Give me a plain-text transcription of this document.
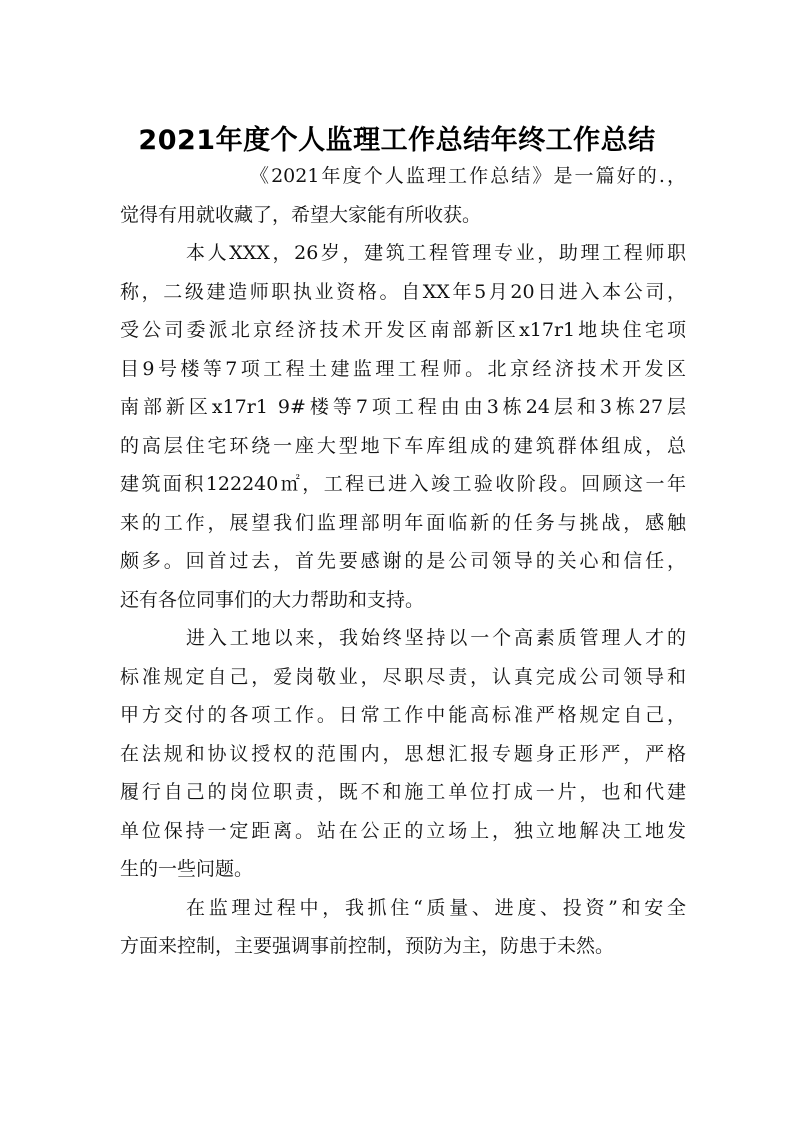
2021年度个人监理工作总结年终工作总结
《2021年度个人监理工作总结》是一篇好的.，
觉得有用就收藏了，希望大家能有所收获。
本人XXX，26岁，建筑工程管理专业，助理工程师职
称，二级建造师职执业资格。自XX年5月20日进入本公司，
受公司委派北京经济技术开发区南部新区x17r1地块住宅项
目9号楼等7项工程土建监理工程师。北京经济技术开发区
南部新区x17r1 9#楼等7项工程由由3栋24层和3栋27层
的高层住宅环绕一座大型地下车库组成的建筑群体组成，总
建筑面积122240㎡，工程已进入竣工验收阶段。回顾这一年
来的工作，展望我们监理部明年面临新的任务与挑战，感触
颇多。回首过去，首先要感谢的是公司领导的关心和信任，
还有各位同事们的大力帮助和支持。
进入工地以来，我始终坚持以一个高素质管理人才的
标准规定自己，爱岗敬业，尽职尽责，认真完成公司领导和
甲方交付的各项工作。日常工作中能高标准严格规定自己，
在法规和协议授权的范围内，思想汇报专题身正形严，严格
履行自己的岗位职责，既不和施工单位打成一片，也和代建
单位保持一定距离。站在公正的立场上，独立地解决工地发
生的一些问题。
在监理过程中，我抓住“质量、进度、投资”和安全
方面来控制，主要强调事前控制，预防为主，防患于未然。
